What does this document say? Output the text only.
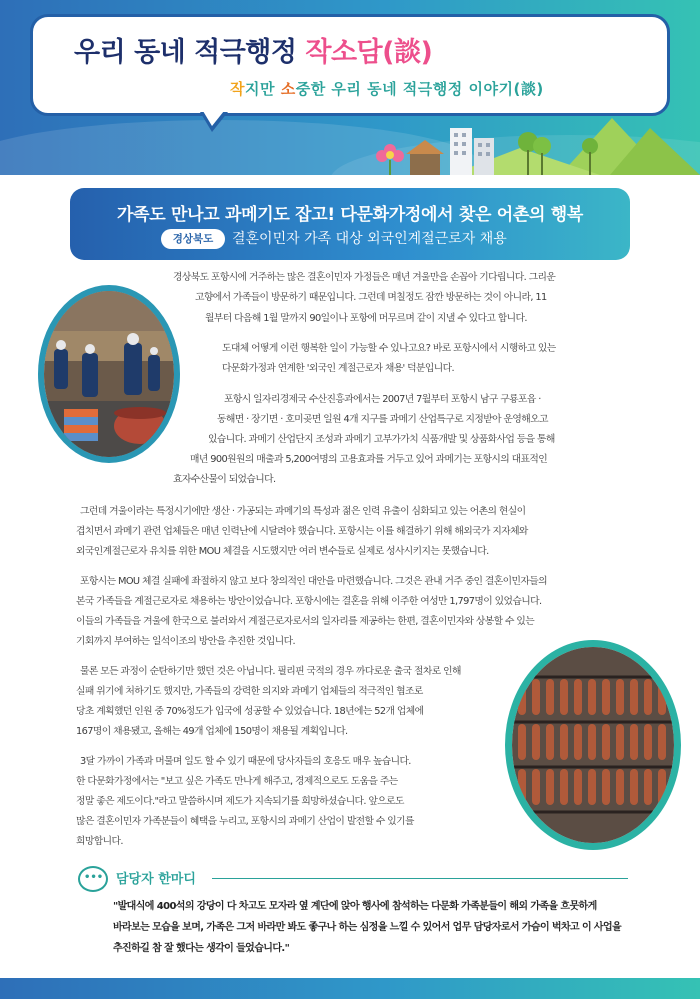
우리 동네 적극행정 작소담(談)
작지만 소중한 우리 동네 적극행정 이야기(談)
가족도 만나고 과메기도 잡고! 다문화가정에서 찾은 어촌의 행복
경상북도	결혼이민자 가족 대상 외국인계절근로자 채용
경상
경상북도 포항시에 거주하는 많은 결혼이민자 가정들은 매년 겨울만을 손꼽아 기다립니다. 그리운
고향에서 가족들이 방문하기 때문입니다. 그런데 며칠정도 잠깐 방문하는 것이 아니라, 11
월부터 다음해 1월 말까지 90일이나 포항에 머무르며 같이 지낼 수 있다고 합니다.
도대체 어떻게 이런 행복한 일이 가능할 수 있나고요? 바로 포항시에서 시행하고 있는
다문화가정과 연계한 '외국인 계절근로자 채용' 덕분입니다.
포항시 일자리경제국 수산진흥과에서는 2007년 7월부터 포항시 남구 구룡포읍 ·
동해면 · 장기면 · 호미곶면 일원 4개 지구를 과메기 산업특구로 지정받아 운영해오고
있습니다. 과메기 산업단지 조성과 과메기 고부가가치 식품개발 및 상품화사업 등을 통해
매년 900원원의 매출과 5,200여명의 고용효과를 거두고 있어 과메기는 포항시의 대표적인
효자수산물이 되었습니다.
그런데 겨울이라는 특정시기에만 생산 · 가공되는 과메기의 특성과 젊은 인력 유출이 심화되고 있는 어촌의 현실이
겹치면서 과메기 관련 업체들은 매년 인력난에 시달려야 했습니다. 포항시는 이를 해결하기 위해 해외국가 지자체와
외국인계절근로자 유치를 위한 MOU 체결을 시도했지만 여러 변수들로 실제로 성사시키지는 못했습니다.
포항시는 MOU 체결 실패에 좌절하지 않고 보다 창의적인 대안을 마련했습니다. 그것은 관내 거주 중인 결혼이민자들의
본국 가족들을 계절근로자로 채용하는 방안이었습니다. 포항시에는 결혼을 위해 이주한 여성만 1,797명이 있었습니다.
이들의 가족들을 겨울에 한국으로 불러와서 계절근로자로서의 일자리를 제공하는 한편, 결혼이민자와 상봉할 수 있는
기회까지 부여하는 일석이조의 방안을 추진한 것입니다.
물론 모든 과정이 순탄하기만 했던 것은 아닙니다. 필리핀 국적의 경우 까다로운 출국 절차로 인해
실패 위기에 처하기도 했지만, 가족들의 강력한 의지와 과메기 업체들의 적극적인 협조로
당초 계획했던 인원 중 70%정도가 입국에 성공할 수 있었습니다. 18년에는 52개 업체에
167명이 채용됐고, 올해는 49개 업체에 150명이 채용될 계획입니다.
3달 가까이 가족과 머물며 일도 할 수 있기 때문에 당사자들의 호응도 매우 높습니다.
한 다문화가정에서는 "보고 싶은 가족도 만나게 해주고, 경제적으로도 도움을 주는
정말 좋은 제도이다."라고 말씀하시며 제도가 지속되기를 희망하셨습니다. 앞으로도
많은 결혼이민자 가족분들이 혜택을 누리고, 포항시의 과메기 산업이 발전할 수 있기를
희망합니다.
••• 담당자 한마디
"발대식에 400석의 강당이 다 차고도 모자라 옆 계단에 앉아 행사에 참석하는 다문화 가족분들이 해외 가족을 흐뭇하게
바라보는 모습을 보며, 가족은 그저 바라만 봐도 좋구나 하는 심정을 느낄 수 있어서 업무 담당자로서 가슴이 벅차고 이 사업을
추진하길 참 잘 했다는 생각이 들었습니다."
